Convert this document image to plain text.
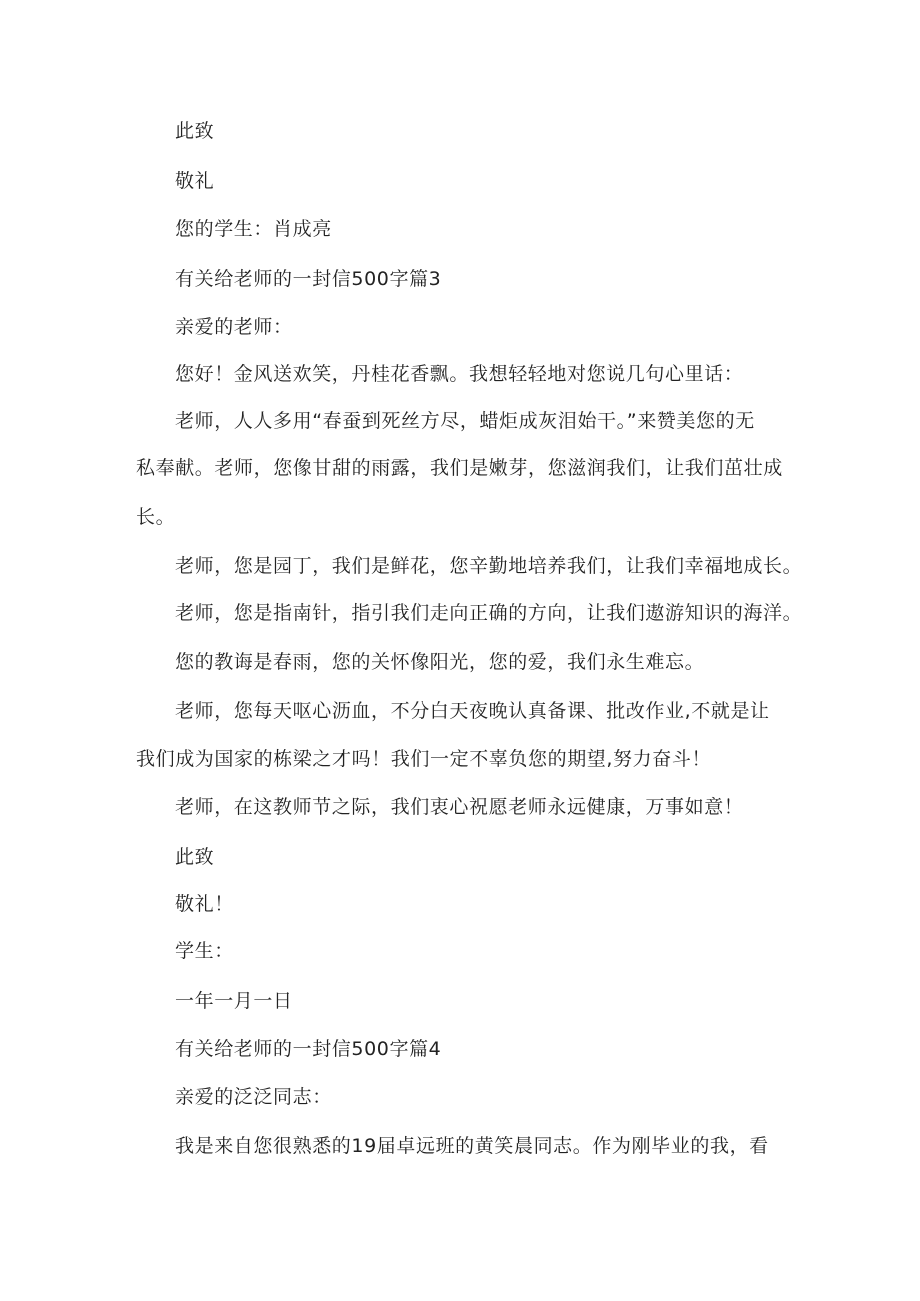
此致
敬礼
您的学生：肖成亮
有关给老师的一封信500字篇3
亲爱的老师：
您好！金风送欢笑，丹桂花香飘。我想轻轻地对您说几句心里话：
老师，人人多用“春蚕到死丝方尽，蜡炬成灰泪始干。”来赞美您的无
私奉献。老师，您像甘甜的雨露，我们是嫩芽，您滋润我们，让我们茁壮成
长。
老师，您是园丁，我们是鲜花，您辛勤地培养我们，让我们幸福地成长。
老师，您是指南针，指引我们走向正确的方向，让我们遨游知识的海洋。
您的教诲是春雨，您的关怀像阳光，您的爱，我们永生难忘。
老师，您每天呕心沥血，不分白天夜晚认真备课、批改作业,不就是让
我们成为国家的栋梁之才吗！我们一定不辜负您的期望,努力奋斗！
老师，在这教师节之际，我们衷心祝愿老师永远健康，万事如意！
此致
敬礼！
学生：
一年一月一日
有关给老师的一封信500字篇4
亲爱的泛泛同志：
我是来自您很熟悉的19届卓远班的黄笑晨同志。作为刚毕业的我，看
